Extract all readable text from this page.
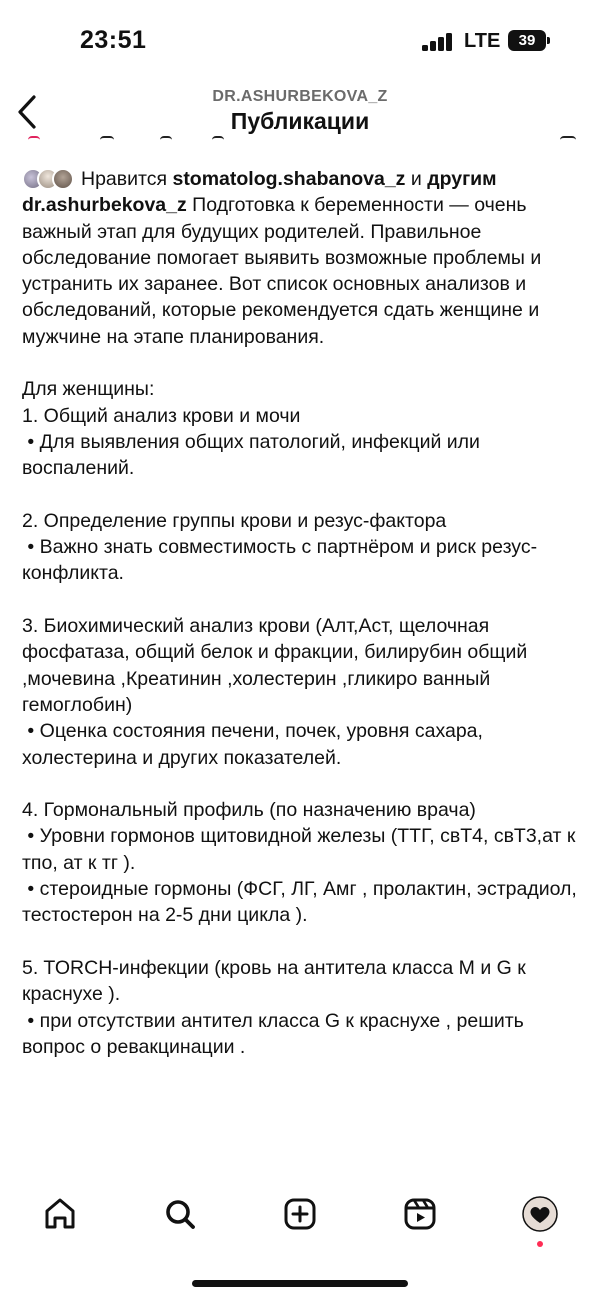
23:51	LTE	39
DR.ASHURBEKOVA_Z
Публикации
Нравится
stomatolog.shabanova_z
и
другим

dr.ashurbekova_z Подготовка к беременности — очень важный этап для будущих родителей. Правильное обследование помогает выявить возможные проблемы и устранить их заранее. Вот список основных анализов и обследований, которые рекомендуется сдать женщине и мужчине на этапе планирования.

Для женщины:
1. Общий анализ крови и мочи
• Для выявления общих патологий, инфекций или воспалений.
2. Определение группы крови и резус-фактора
• Важно знать совместимость с партнёром и риск резус-конфликта.
3. Биохимический анализ крови (Алт,Аст, щелочная фосфатаза, общий белок и фракции, билирубин общий ,мочевина ,Креатинин ,холестерин ,гликиро ванный гемоглобин)
• Оценка состояния печени, почек, уровня сахара, холестерина и других показателей.
4. Гормональный профиль (по назначению врача)
• Уровни гормонов щитовидной железы (ТТГ, свТ4, свТ3,ат к тпо, ат к тг ).
• стероидные гормоны (ФСГ, ЛГ, Амг , пролактин, эстрадиол, тестостерон на 2-5 дни цикла ).
5. TORCH-инфекции (кровь на антитела класса М и G к краснухе ).
• при отсутствии антител класса G к краснухе , решить вопрос о ревакцинации .
